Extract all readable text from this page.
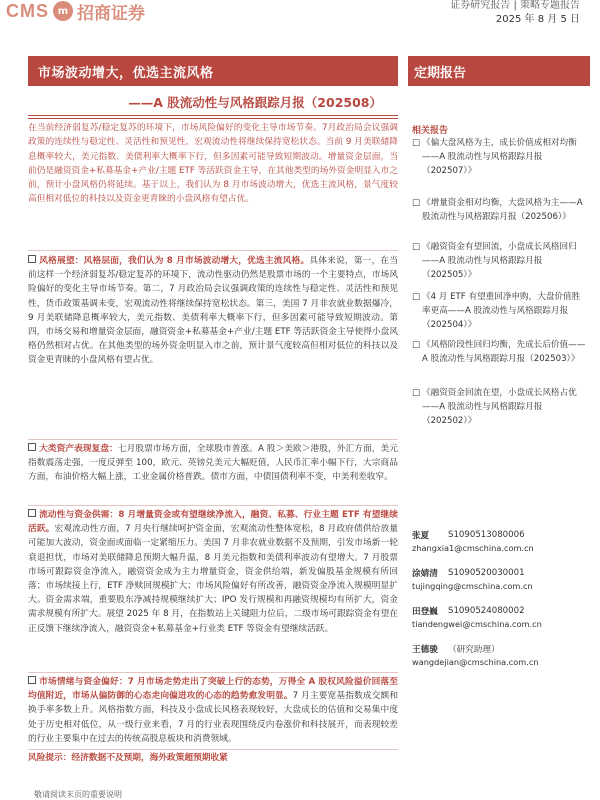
CMS m 招商证券	证券研究报告 | 策略专题报告
2025 年 8 月 5 日
市场波动增大，优选主流风格	定期报告
——A 股流动性与风格跟踪月报（202508）
在当前经济弱复苏/稳定复苏的环境下，市场风险偏好的变化主导市场节奏。7月政治局会议强调政策的连续性与稳定性、灵活性和预见性，宏观流动性将继续保持宽松状态。当前 9 月美联储降息概率较大，美元指数、美债利率大概率下行，但多因素可能导致短期波动。增量资金层面，当前仍是融资资金+私募基金+产业/主题 ETF 等活跃资金主导，在其他类型的场外资金明显入市之前，预计小盘风格仍将延续。基于以上，我们认为 8 月市场波动增大，优选主流风格，景气度较高但相对低位的科技以及资金更青睐的小盘风格有望占优。
风格展望：风格层面，我们认为 8 月市场波动增大，优选主流风格。具体来说，第一，在当前这样一个经济弱复苏/稳定复苏的环境下，流动性驱动仍然是股票市场的一个主要特点，市场风险偏好的变化主导市场节奏。第二，7 月政治局会议强调政策的连续性与稳定性、灵活性和预见性，货币政策基调未变，宏观流动性将继续保持宽松状态。第三，美国 7 月非农就业数据爆冷，9 月美联储降息概率较大，美元指数、美债利率大概率下行，但多因素可能导致短期波动。第四，市场交易和增量资金层面，融资资金+私募基金+产业/主题 ETF 等活跃资金主导使得小盘风格仍然相对占优。在其他类型的场外资金明显入市之前，预计景气度较高但相对低位的科技以及资金更青睐的小盘风格有望占优。
大类资产表现复盘：七月股票市场方面，全球股市普涨。A 股＞美欧＞港股，外汇方面，美元指数震荡走强，一度反弹至 100，欧元、英镑兑美元大幅贬值，人民币汇率小幅下行，大宗商品方面，布油价格大幅上涨，工业金属价格普跌。债市方面，中债国债利率不变，中美利差收窄。
流动性与资金供需：8 月增量资金或有望继续净流入，融资、私募、行业主题 ETF 有望继续活跃。宏观流动性方面，7 月央行继续呵护资金面，宏观流动性整体宽松，8 月政府债供给放量可能加大波动，资金面或面临一定紧缩压力。美国 7 月非农就业数据不及预期，引发市场新一轮衰退担忧，市场对美联储降息预期大幅升温，8 月美元指数和美债利率波动有望增大。7 月股票市场可跟踪资金净流入，融资资金成为主力增量资金，资金供给端，新发偏股基金规模有所回落；市场续接上行，ETF 净赎回规模扩大；市场风险偏好有所改善，融资资金净流入规模明显扩大。资金需求端，重要股东净减持规模继续扩大；IPO 发行规模和再融资规模均有所扩大，资金需求规模有所扩大。展望 2025 年 8 月，在指数站上关键阻力位后，二级市场可跟踪资金有望在正反馈下继续净流入，融资资金+私募基金+行业类 ETF 等资金有望继续活跃。
市场情绪与资金偏好：7 月市场走势走出了突破上行的态势，万得全 A 股权风险溢价回落至均值附近，市场从偏防御的心态走向偏进攻的心态的趋势愈发明显。7 月主要宽基指数成交额和换手率多数上升。风格指数方面，科技及小盘成长风格表现较好，大盘成长的估值和交易集中度处于历史相对低位，从一级行业来看，7 月的行业表现围绕反内卷涨价和科技展开，而表现较差的行业主要集中在过去的传统高股息板块和消费领域。
风险提示：经济数据不及预期，海外政策超预期收紧
相关报告
□ 《偏大盘风格为主，成长价值成相对均衡——A 股流动性与风格跟踪月报（202507）》
□ 《增量资金相对均衡，大盘风格为主——A 股流动性与风格跟踪月报（202506）》
□ 《融资资金有望回流，小盘成长风格回归——A 股流动性与风格跟踪月报（202505）》
□ 《4 月 ETF 有望重回净申购，大盘价值胜率更高——A 股流动性与风格跟踪月报（202504）》
□ 《风格阶段性回归均衡，先成长后价值——A 股流动性与风格跟踪月报（202503）》
□ 《融资资金回流在望，小盘成长风格占优——A 股流动性与风格跟踪月报（202502）》
张夏	S1090513080006
zhangxia1@cmschina.com.cn
涂婧清	S1090520030001
tujingqing@cmschina.com.cn
田登巍	S1090524080002
tiandengwei@cmschina.com.cn
王德骏	（研究助理）
wangdejian@cmschina.com.cn
敬请阅读末页的重要说明
